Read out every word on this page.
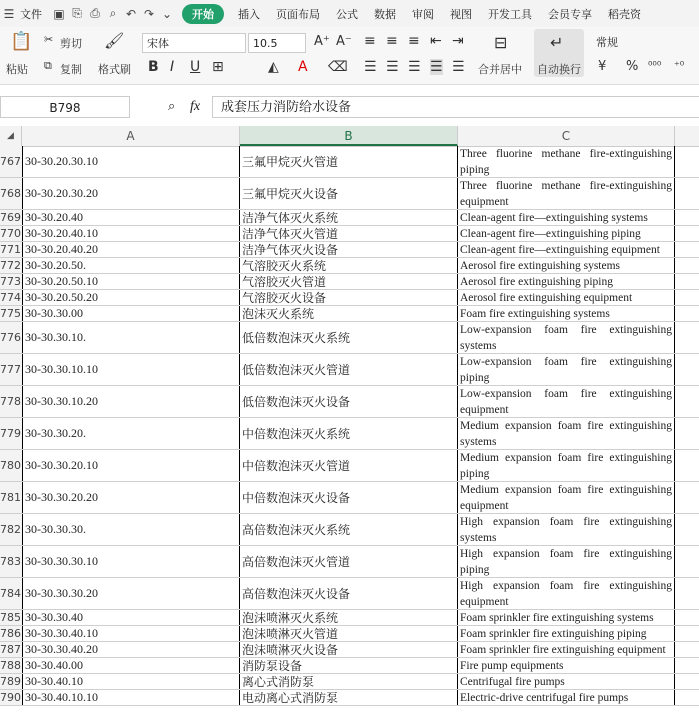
☰ 文件 ▣ ⎘ ⎙ ⌕ ↶ ↷ ⌄	开始	插入	页面布局	公式	数据	审阅	视图	开发工具	会员专享	稻壳资
📋
粘贴
✂ 剪切
⧉ 复制
🖌
格式刷
宋体	10.5	A⁺ A⁻
B I U ⊞	◭ A ⌫
≡ ≡ ≡ ⇤ ⇥
☰ ☰ ☰ ☰ ☰
⊟
合并居中
↵
自动换行
常规
¥ % ⁰⁰⁰ ⁺⁰
B798	⌕ fx	成套压力消防给水设备
◢	A	B	C
767 30-30.20.30.10	三氟甲烷灭火管道
Three fluorine methane fire-extinguishing piping
768 30-30.20.30.20	三氟甲烷灭火设备
Three fluorine methane fire-extinguishing equipment
769 30-30.20.40	洁净气体灭火系统	Clean-agent fire—extinguishing systems
770 30-30.20.40.10	洁净气体灭火管道	Clean-agent fire—extinguishing piping
771 30-30.20.40.20	洁净气体灭火设备	Clean-agent fire—extinguishing equipment
772 30-30.20.50.	气溶胶灭火系统	Aerosol fire extinguishing systems
773 30-30.20.50.10	气溶胶灭火管道	Aerosol fire extinguishing piping
774 30-30.20.50.20	气溶胶灭火设备	Aerosol fire extinguishing equipment
775 30-30.30.00	泡沫灭火系统	Foam fire extinguishing systems
776 30-30.30.10.	低倍数泡沫灭火系统
Low-expansion foam fire extinguishing systems
777 30-30.30.10.10	低倍数泡沫灭火管道
Low-expansion foam fire extinguishing piping
778 30-30.30.10.20	低倍数泡沫灭火设备
Low-expansion foam fire extinguishing equipment
779 30-30.30.20.	中倍数泡沫灭火系统
Medium expansion foam fire extinguishing systems
780 30-30.30.20.10	中倍数泡沫灭火管道
Medium expansion foam fire extinguishing piping
781 30-30.30.20.20	中倍数泡沫灭火设备
Medium expansion foam fire extinguishing equipment
782 30-30.30.30.	高倍数泡沫灭火系统
High expansion foam fire extinguishing systems
783 30-30.30.30.10	高倍数泡沫灭火管道
High expansion foam fire extinguishing piping
784 30-30.30.30.20	高倍数泡沫灭火设备
High expansion foam fire extinguishing equipment
785 30-30.30.40	泡沫喷淋灭火系统	Foam sprinkler fire extinguishing systems
786 30-30.30.40.10	泡沫喷淋灭火管道	Foam sprinkler fire extinguishing piping
787 30-30.30.40.20	泡沫喷淋灭火设备	Foam sprinkler fire extinguishing equipment
788 30-30.40.00	消防泵设备	Fire pump equipments
789 30-30.40.10	离心式消防泵	Centrifugal fire pumps
790 30-30.40.10.10	电动离心式消防泵	Electric-drive centrifugal fire pumps
